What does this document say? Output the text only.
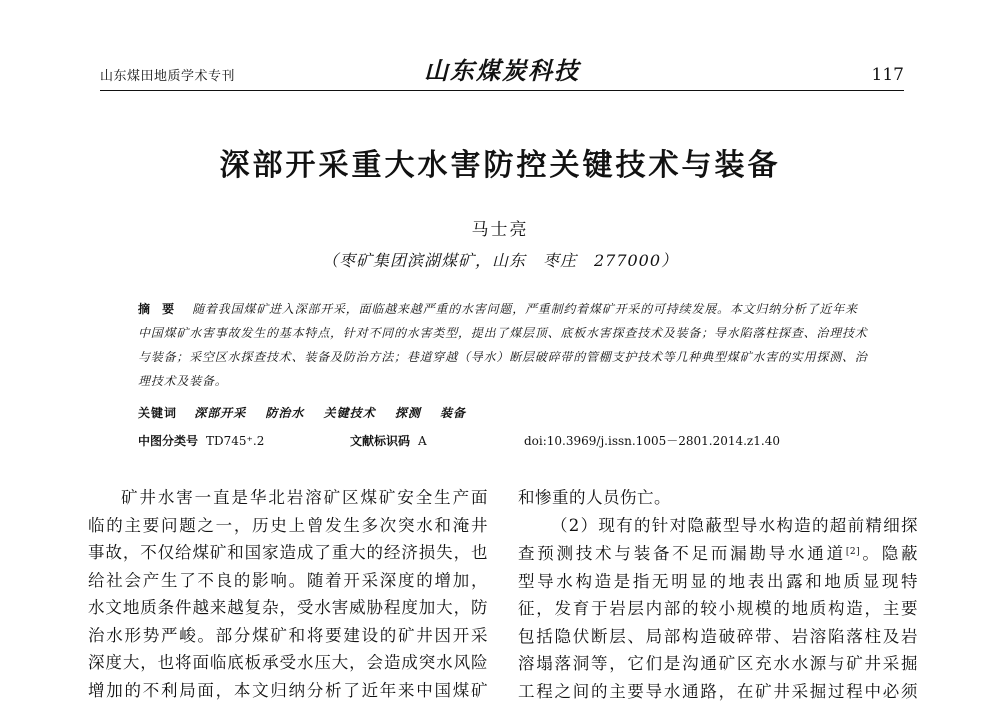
山东煤田地质学术专刊	山东煤炭科技	117
深部开采重大水害防控关键技术与装备
马士亮
（枣矿集团滨湖煤矿，山东　枣庄　277000）

摘 要 随着我国煤矿进入深部开采，面临越来越严重的水害问题，严重制约着煤矿开采的可持续发展。本文归纳分析了近年来中国煤矿水害事故发生的基本特点，针对不同的水害类型，提出了煤层顶、底板水害探查技术及装备；导水陷落柱探查、治理技术与装备；采空区水探查技术、装备及防治方法；巷道穿越（导水）断层破碎带的管棚支护技术等几种典型煤矿水害的实用探测、治理技术及装备。

关键词 深部开采 防治水 关键技术 探测 装备
中图分类号 TD745⁺.2	文献标识码 A	doi:10.3969/j.issn.1005－2801.2014.z1.40
矿井水害一直是华北岩溶矿区煤矿安全生产面
临的主要问题之一，历史上曾发生多次突水和淹井
事故，不仅给煤矿和国家造成了重大的经济损失，也
给社会产生了不良的影响。随着开采深度的增加，
水文地质条件越来越复杂，受水害威胁程度加大，防
治水形势严峻。部分煤矿和将要建设的矿井因开采
深度大，也将面临底板承受水压大，会造成突水风险
增加的不利局面，本文归纳分析了近年来中国煤矿
和惨重的人员伤亡。
（2）现有的针对隐蔽型导水构造的超前精细探
查预测技术与装备不足而漏勘导水通道[2]。隐蔽
型导水构造是指无明显的地表出露和地质显现特
征，发育于岩层内部的较小规模的地质构造，主要
包括隐伏断层、局部构造破碎带、岩溶陷落柱及岩
溶塌落洞等，它们是沟通矿区充水水源与矿井采掘
工程之间的主要导水通路，在矿井采掘过程中必须
